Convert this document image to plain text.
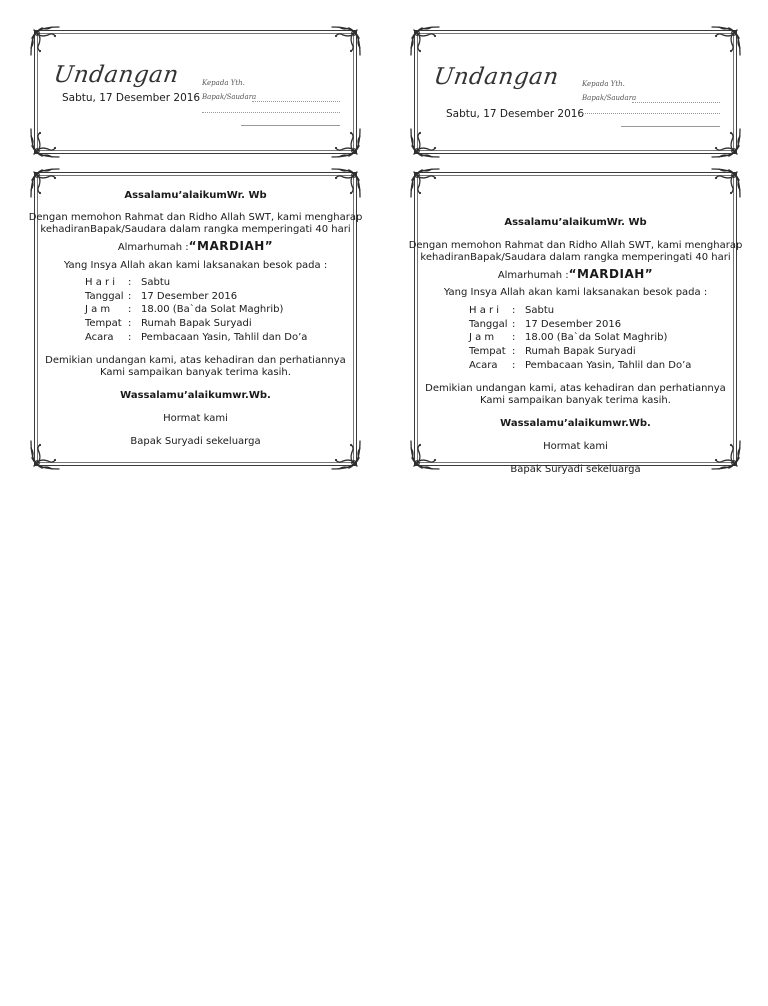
Undangan
Sabtu, 17 Desember 2016
Kepada Yth.
Bapak/Saudara
Undangan
Sabtu, 17 Desember 2016
Kepada Yth.
Bapak/Saudara
Assalamu’alaikumWr. Wb
Dengan memohon Rahmat dan Ridho Allah SWT, kami mengharap
kehadiranBapak/Saudara dalam rangka memperingati 40 hari
Almarhumah :“MARDIAH”
Yang Insya Allah akan kami laksanakan besok pada :
H a r i	: Sabtu
Tanggal : 17 Desember 2016
J a m	: 18.00 (Ba`da Solat Maghrib)
Tempat : Rumah Bapak Suryadi
Acara	: Pembacaan Yasin, Tahlil dan Do’a
Demikian undangan kami, atas kehadiran dan perhatiannya
Kami sampaikan banyak terima kasih.
Wassalamu’alaikumwr.Wb.
Hormat kami
Bapak Suryadi sekeluarga
Assalamu’alaikumWr. Wb
Dengan memohon Rahmat dan Ridho Allah SWT, kami mengharap
kehadiranBapak/Saudara dalam rangka memperingati 40 hari
Almarhumah :“MARDIAH”
Yang Insya Allah akan kami laksanakan besok pada :
H a r i	: Sabtu
Tanggal : 17 Desember 2016
J a m	: 18.00 (Ba`da Solat Maghrib)
Tempat : Rumah Bapak Suryadi
Acara	: Pembacaan Yasin, Tahlil dan Do’a
Demikian undangan kami, atas kehadiran dan perhatiannya
Kami sampaikan banyak terima kasih.
Wassalamu’alaikumwr.Wb.
Hormat kami
Bapak Suryadi sekeluarga
